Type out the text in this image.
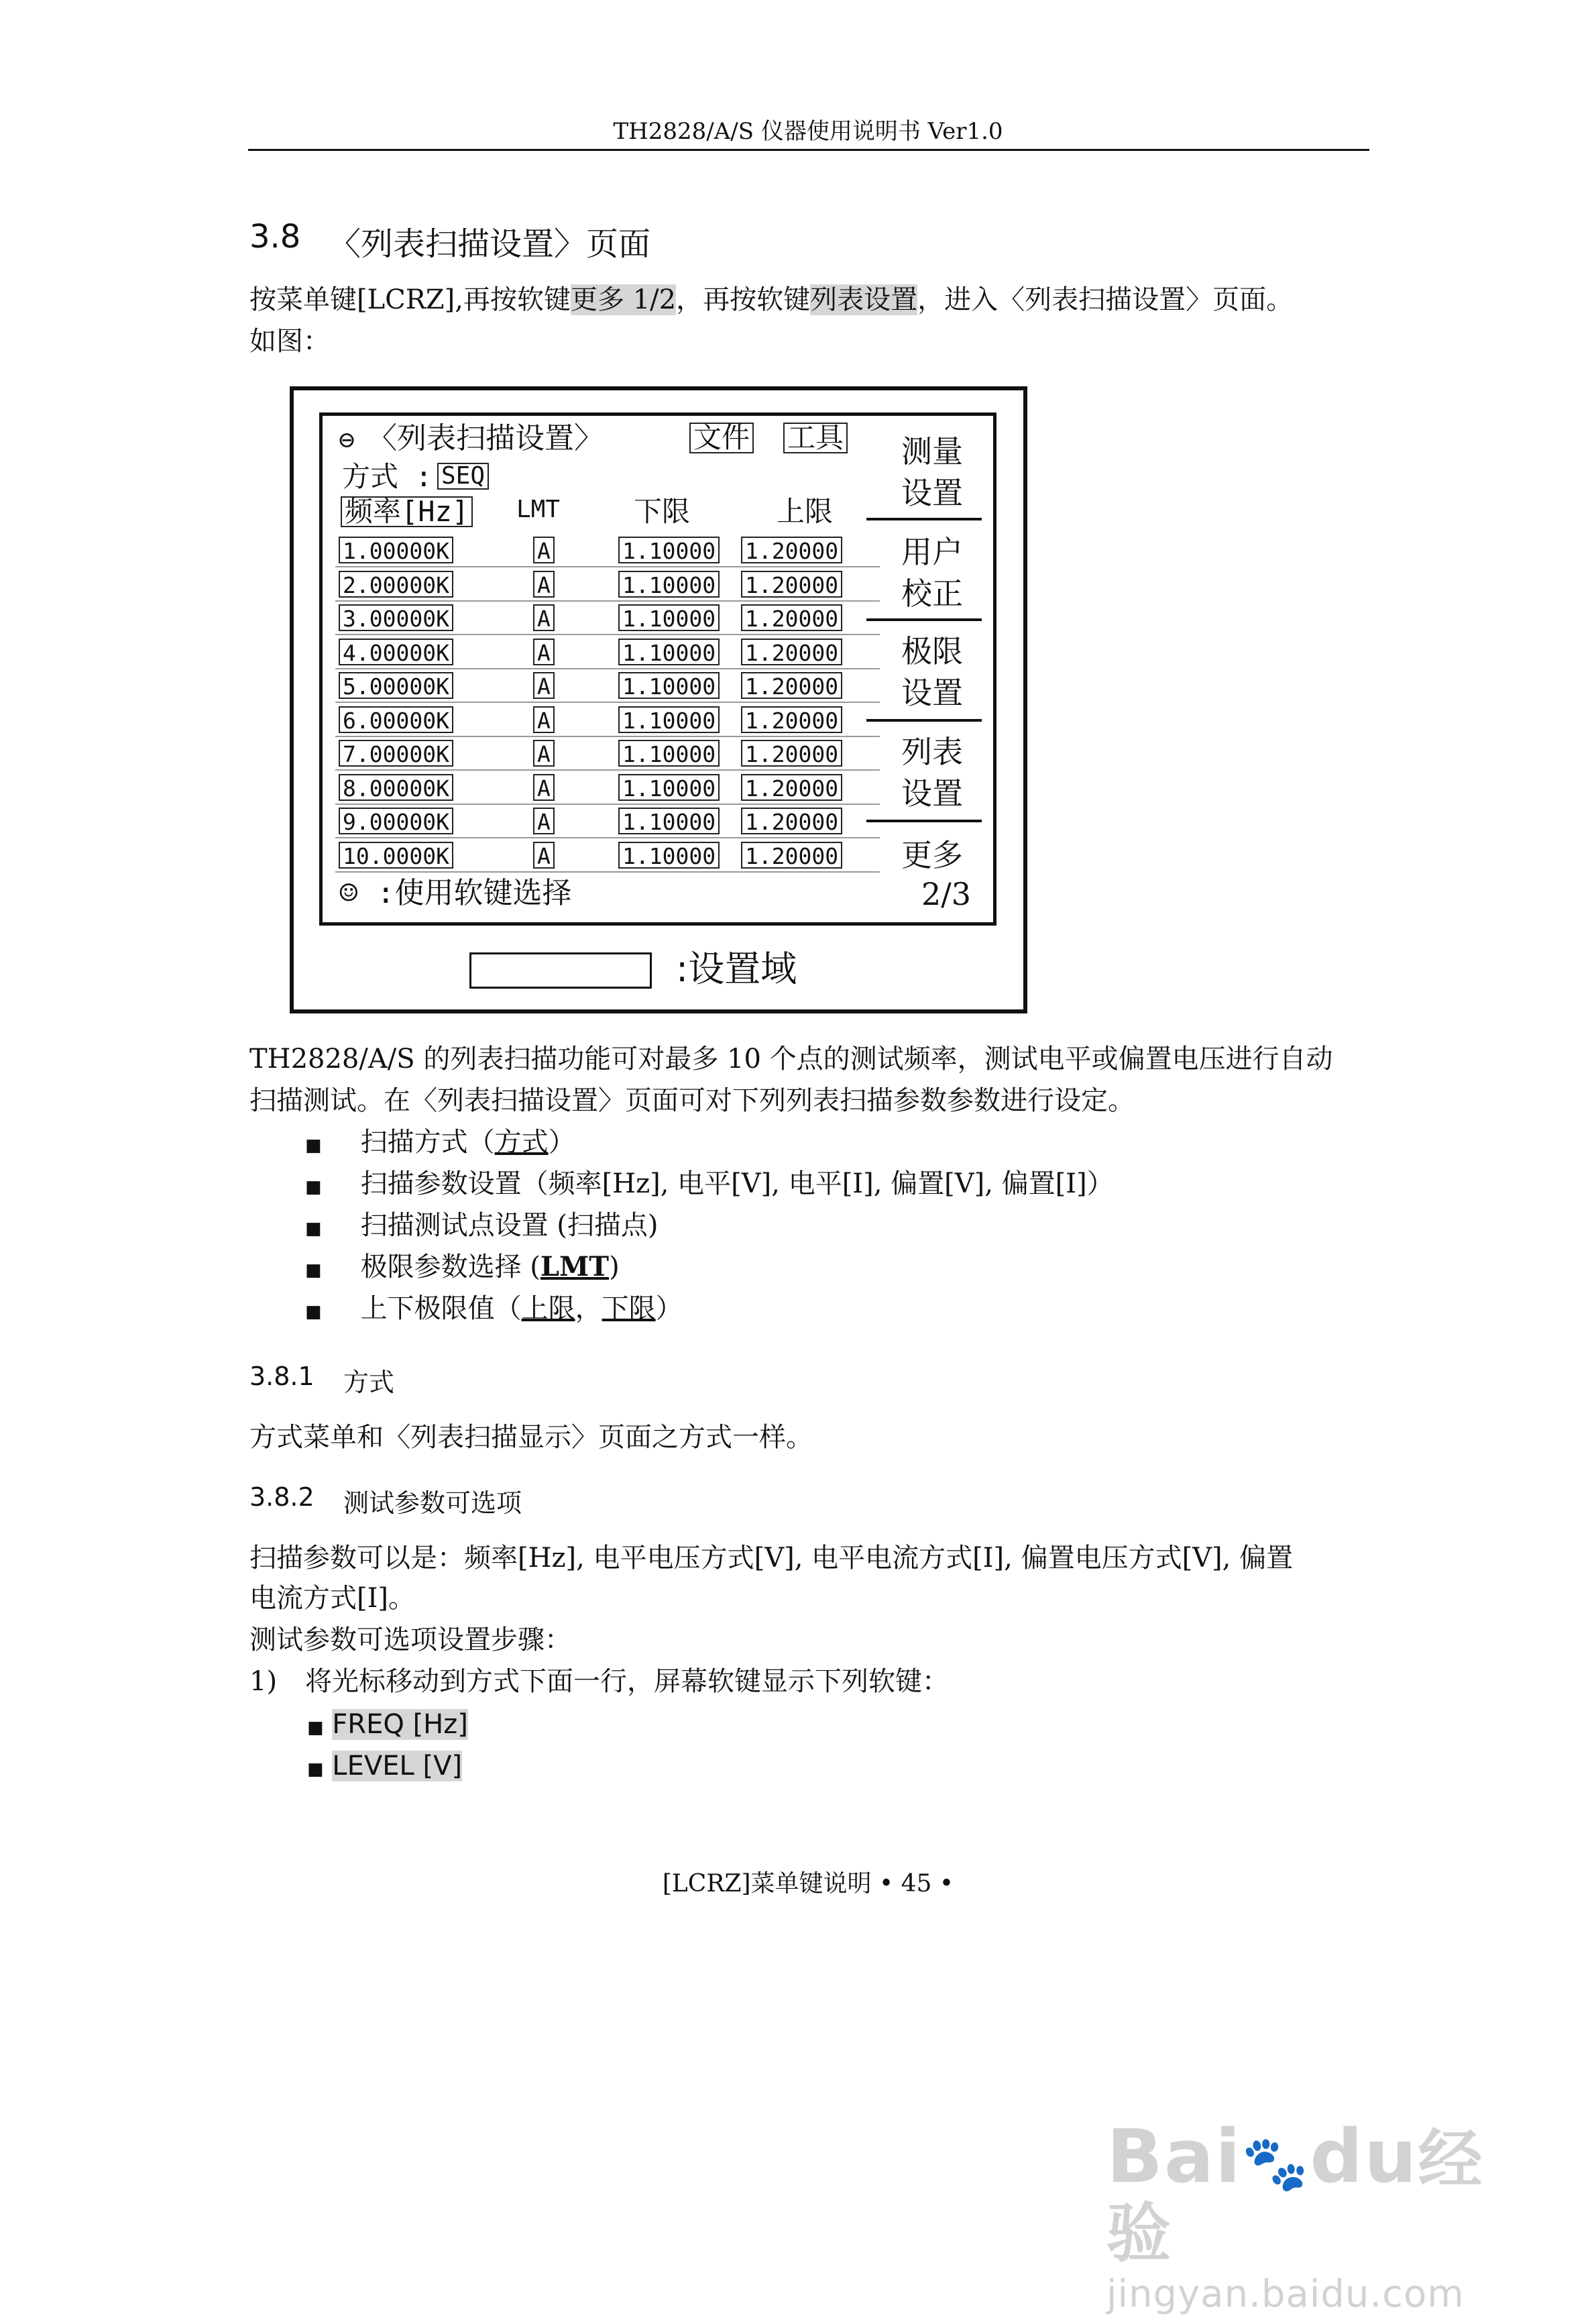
TH2828/A/S 仪器使用说明书 Ver1.0
3.8 〈列表扫描设置〉页面
按菜单键[LCRZ],再按软键更多 1/2，再按软键列表设置，进入〈列表扫描设置〉页面。
如图：
⊖ 〈列表扫描设置〉	文件 工具
方式 : SEQ
频率[Hz] LMT	下限	上限
1.00000K	A	1.10000 1.20000
2.00000K	A	1.10000 1.20000
3.00000K	A	1.10000 1.20000
4.00000K	A	1.10000 1.20000
5.00000K	A	1.10000 1.20000
6.00000K	A	1.10000 1.20000
7.00000K	A	1.10000 1.20000
8.00000K	A	1.10000 1.20000
9.00000K	A	1.10000 1.20000
10.0000K	A	1.10000 1.20000
☺ :使用软键选择
测量
设置
用户
校正
极限
设置
列表
设置
更多
2/3
:设置域
TH2828/A/S 的列表扫描功能可对最多 10 个点的测试频率，测试电平或偏置电压进行自动
扫描测试。在〈列表扫描设置〉页面可对下列列表扫描参数参数进行设定。
■ 扫描方式（方式）
■ 扫描参数设置（频率[Hz], 电平[V], 电平[I], 偏置[V], 偏置[I]）
■ 扫描测试点设置 (扫描点)
■ 极限参数选择 (LMT)
■ 上下极限值（上限，下限）
3.8.1 方式
方式菜单和〈列表扫描显示〉页面之方式一样。
3.8.2 测试参数可选项
扫描参数可以是：频率[Hz], 电平电压方式[V], 电平电流方式[I], 偏置电压方式[V], 偏置
电流方式[I]。
测试参数可选项设置步骤：
1) 将光标移动到方式下面一行，屏幕软键显示下列软键：
■ FREQ [Hz]
■ LEVEL [V]
[LCRZ]菜单键说明 • 45 •
Bai🐾du经验
jingyan.baidu.com
